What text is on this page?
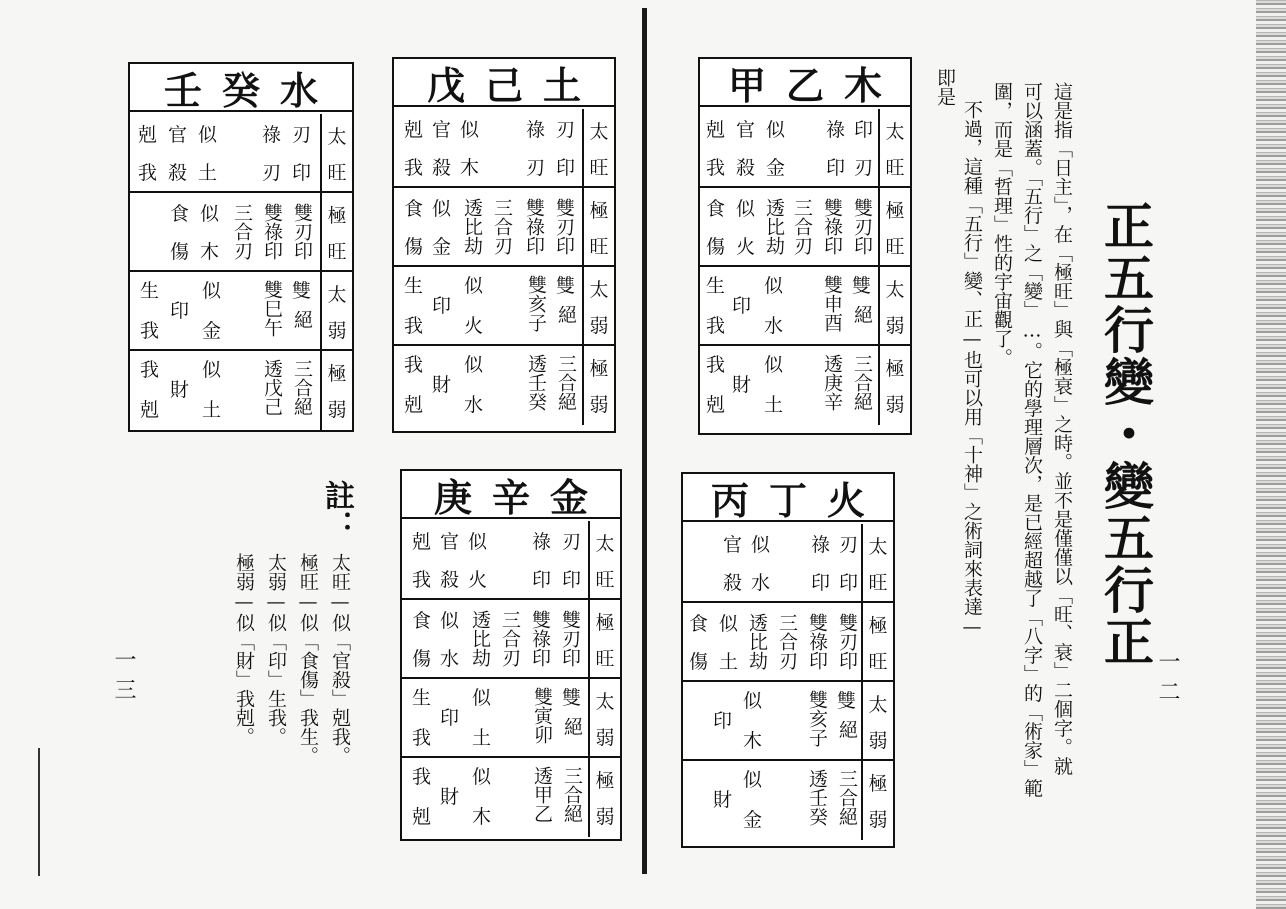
正五行變・變五行正
這是指「日主」，在「極旺」與「極衰」之時。並不是僅僅以「旺、衰」二個字。就
可以涵蓋。「五行」之「變」…。它的學理層次，是已經超越了「八字」的「術家」範
圍，而是「哲理」性的宇宙觀了。
不過，這種「五行」變、正—也可以用「十神」之術詞來表達—
即是
一二
註：
太旺—似「官殺」剋我。
極旺—似「食傷」我生。
太弱—似「印」生我。
極弱—似「財」我剋。
一三
甲乙木
太
旺
剋
我
官
殺
似
金
祿
印
印
刃
極
旺
食
傷
似
火 透比劫 三合刃 雙祿印 雙刃印
太
弱
生
我
印
似
水 雙申酉 雙
絕
極
弱
我
剋
財
似
土 透庚辛 三合絕
丙丁火
太
旺
官
殺
似
水
祿
印
刃
印
極
旺
食
傷
似
土 透比劫 三合刃 雙祿印 雙刃印
太
弱
印
似
木 雙亥子 雙
絕
極
弱
財
似
金 透壬癸 三合絕
戊己土
太
旺
剋
我
官
殺
似
木
祿
刃
刃
印
極
旺
食
傷
似
金 透比劫 三合刃 雙祿印 雙刃印
太
弱
生
我
印
似
火 雙亥子 雙
絕
極
弱
我
剋
財
似
水 透壬癸 三合絕
庚辛金
太
旺
剋
我
官
殺
似
火
祿
印
刃
印
極
旺
食
傷
似
水 透比劫 三合刃 雙祿印 雙刃印
太
弱
生
我
印
似
土 雙寅卯 雙
絕
極
弱
我
剋
財
似
木 透甲乙 三合絕
壬癸水
太
旺
剋
我
官
殺
似
土
祿
刃
刃
印
極
旺
食
傷
似
木 三合刃 雙祿印 雙刃印
太
弱
生
我
印
似
金 雙巳午 雙
絕
極
弱
我
剋
財
似
土 透戊己 三合絕
